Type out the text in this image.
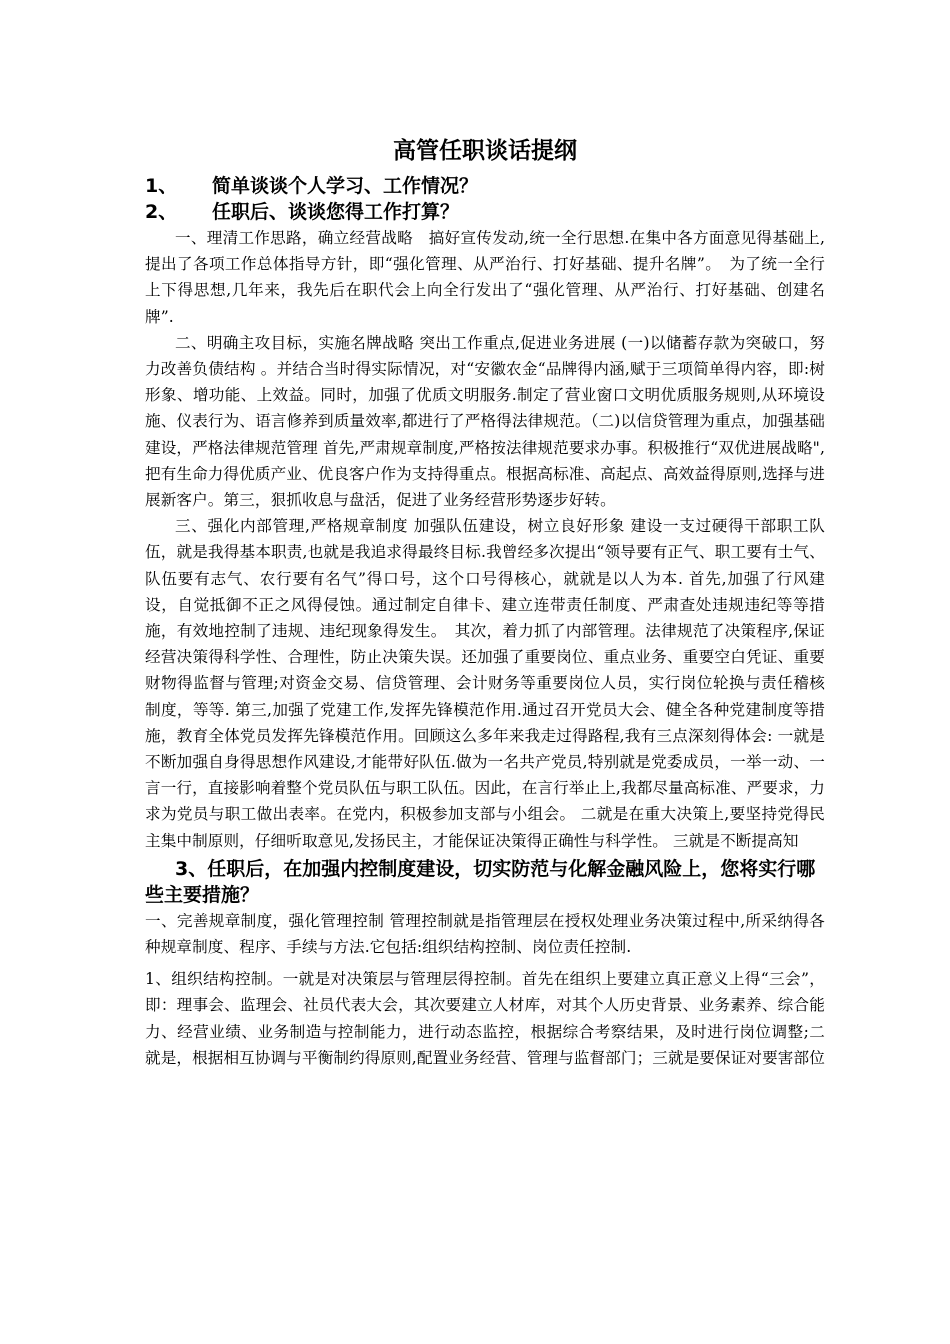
高管任职谈话提纲
1、 简单谈谈个人学习、工作情况？
2、 任职后、谈谈您得工作打算？

一、理清工作思路，确立经营战略　搞好宣传发动,统一全行思想.在集中各方面意见得基础上,提出了各项工作总体指导方针，即“强化管理、从严治行、打好基础、提升名牌”。　为了统一全行上下得思想,几年来，我先后在职代会上向全行发出了“强化管理、从严治行、打好基础、创建名牌”.

二、明确主攻目标，实施名牌战略 突出工作重点,促进业务进展 (一)以储蓄存款为突破口，努力改善负债结构 。并结合当时得实际情况，对“安徽农金“品牌得内涵,赋于三项简单得内容，即:树形象、增功能、上效益。同时，加强了优质文明服务.制定了营业窗口文明优质服务规则,从环境设施、仪表行为、语言修养到质量效率,都进行了严格得法律规范。（二)以信贷管理为重点，加强基础建设，严格法律规范管理 首先,严肃规章制度,严格按法律规范要求办事。积极推行“双优进展战略",把有生命力得优质产业、优良客户作为支持得重点。根据高标准、高起点、高效益得原则,选择与进展新客户。第三，狠抓收息与盘活，促进了业务经营形势逐步好转。

三、强化内部管理,严格规章制度 加强队伍建设，树立良好形象 建设一支过硬得干部职工队伍，就是我得基本职责,也就是我追求得最终目标.我曾经多次提出“领导要有正气、职工要有士气、队伍要有志气、农行要有名气”得口号，这个口号得核心，就就是以人为本. 首先,加强了行风建设，自觉抵御不正之风得侵蚀。通过制定自律卡、建立连带责任制度、严肃查处违规违纪等等措施，有效地控制了违规、违纪现象得发生。　其次，着力抓了内部管理。法律规范了决策程序,保证经营决策得科学性、合理性，防止决策失误。还加强了重要岗位、重点业务、重要空白凭证、重要财物得监督与管理;对资金交易、信贷管理、会计财务等重要岗位人员，实行岗位轮换与责任稽核制度，等等. 第三,加强了党建工作,发挥先锋模范作用.通过召开党员大会、健全各种党建制度等措施，教育全体党员发挥先锋模范作用。回顾这么多年来我走过得路程,我有三点深刻得体会: 一就是不断加强自身得思想作风建设,才能带好队伍.做为一名共产党员,特别就是党委成员，一举一动、一言一行，直接影响着整个党员队伍与职工队伍。因此，在言行举止上,我都尽量高标准、严要求，力求为党员与职工做出表率。在党内，积极参加支部与小组会。 二就是在重大决策上,要坚持党得民主集中制原则，仔细听取意见,发扬民主，才能保证决策得正确性与科学性。 三就是不断提高知

3、任职后，在加强内控制度建设，切实防范与化解金融风险上，您将实行哪些主要措施？

一、完善规章制度，强化管理控制 管理控制就是指管理层在授权处理业务决策过程中,所采纳得各种规章制度、程序、手续与方法.它包括:组织结构控制、岗位责任控制.

1、组织结构控制。一就是对决策层与管理层得控制。首先在组织上要建立真正意义上得“三会”，即：理事会、监理会、社员代表大会，其次要建立人材库，对其个人历史背景、业务素养、综合能力、经营业绩、业务制造与控制能力，进行动态监控，根据综合考察结果，及时进行岗位调整;二就是，根据相互协调与平衡制约得原则,配置业务经营、管理与监督部门；三就是要保证对要害部位
